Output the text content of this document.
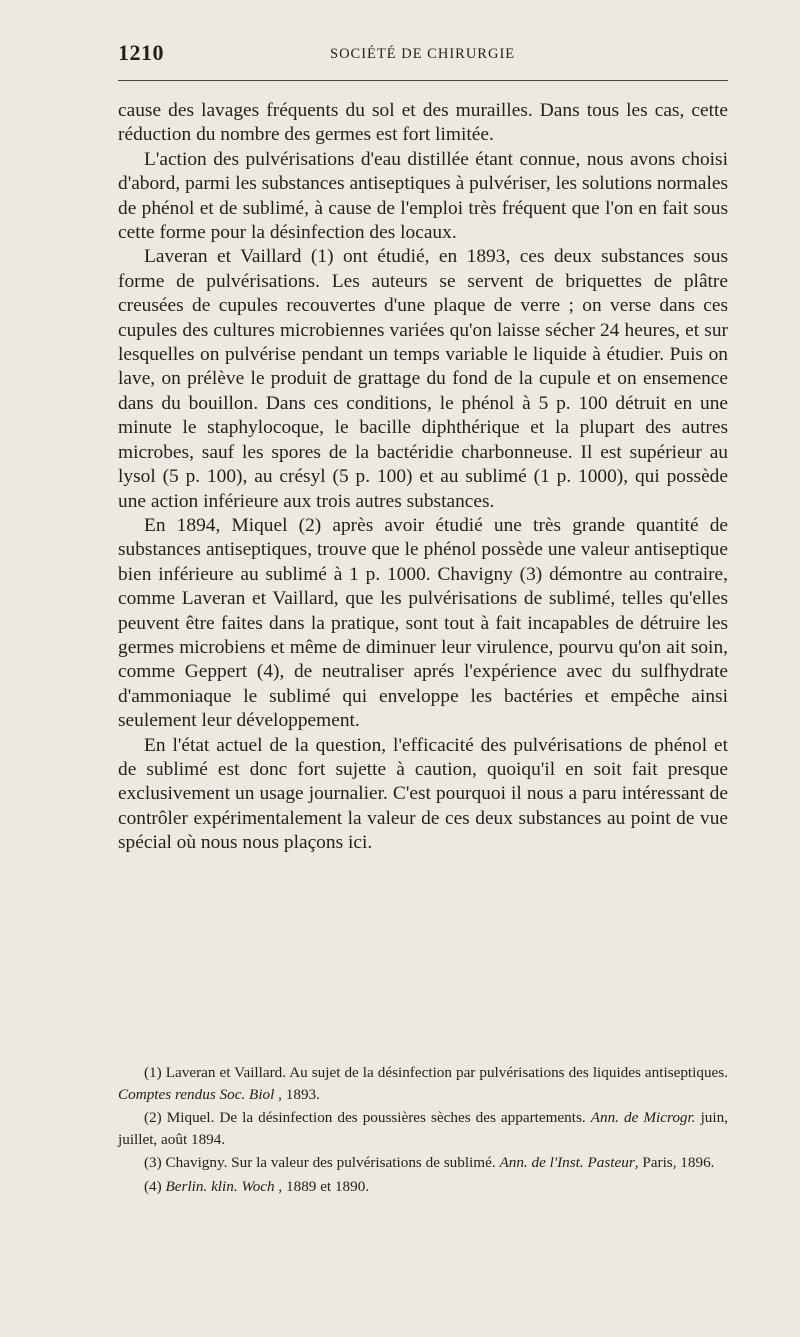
1210	SOCIÉTÉ DE CHIRURGIE

cause des lavages fréquents du sol et des murailles. Dans tous les cas, cette réduction du nombre des germes est fort limitée.

L'action des pulvérisations d'eau distillée étant connue, nous avons choisi d'abord, parmi les substances antiseptiques à pulvériser, les solutions normales de phénol et de sublimé, à cause de l'emploi très fréquent que l'on en fait sous cette forme pour la désinfection des locaux.

Laveran et Vaillard (1) ont étudié, en 1893, ces deux substances sous forme de pulvérisations. Les auteurs se servent de briquettes de plâtre creusées de cupules recouvertes d'une plaque de verre ; on verse dans ces cupules des cultures microbiennes variées qu'on laisse sécher 24 heures, et sur lesquelles on pulvérise pendant un temps variable le liquide à étudier. Puis on lave, on prélève le produit de grattage du fond de la cupule et on ensemence dans du bouillon. Dans ces conditions, le phénol à 5 p. 100 détruit en une minute le staphylocoque, le bacille diphthérique et la plupart des autres microbes, sauf les spores de la bactéridie charbonneuse. Il est supérieur au lysol (5 p. 100), au crésyl (5 p. 100) et au sublimé (1 p. 1000), qui possède une action inférieure aux trois autres substances.

En 1894, Miquel (2) après avoir étudié une très grande quantité de substances antiseptiques, trouve que le phénol possède une valeur antiseptique bien inférieure au sublimé à 1 p. 1000. Chavigny (3) démontre au contraire, comme Laveran et Vaillard, que les pulvérisations de sublimé, telles qu'elles peuvent être faites dans la pratique, sont tout à fait incapables de détruire les germes microbiens et même de diminuer leur virulence, pourvu qu'on ait soin, comme Geppert (4), de neutraliser aprés l'expérience avec du sulfhydrate d'ammoniaque le sublimé qui enveloppe les bactéries et empêche ainsi seulement leur développement.

En l'état actuel de la question, l'efficacité des pulvérisations de phénol et de sublimé est donc fort sujette à caution, quoiqu'il en soit fait presque exclusivement un usage journalier. C'est pourquoi il nous a paru intéressant de contrôler expérimentalement la valeur de ces deux substances au point de vue spécial où nous nous plaçons ici.

(1) Laveran et Vaillard. Au sujet de la désinfection par pulvérisations des liquides antiseptiques. Comptes rendus Soc. Biol , 1893.

(2) Miquel. De la désinfection des poussières sèches des appartements. Ann. de Microgr. juin, juillet, août 1894.

(3) Chavigny. Sur la valeur des pulvérisations de sublimé. Ann. de l'Inst. Pasteur, Paris, 1896.

(4) Berlin. klin. Woch , 1889 et 1890.
